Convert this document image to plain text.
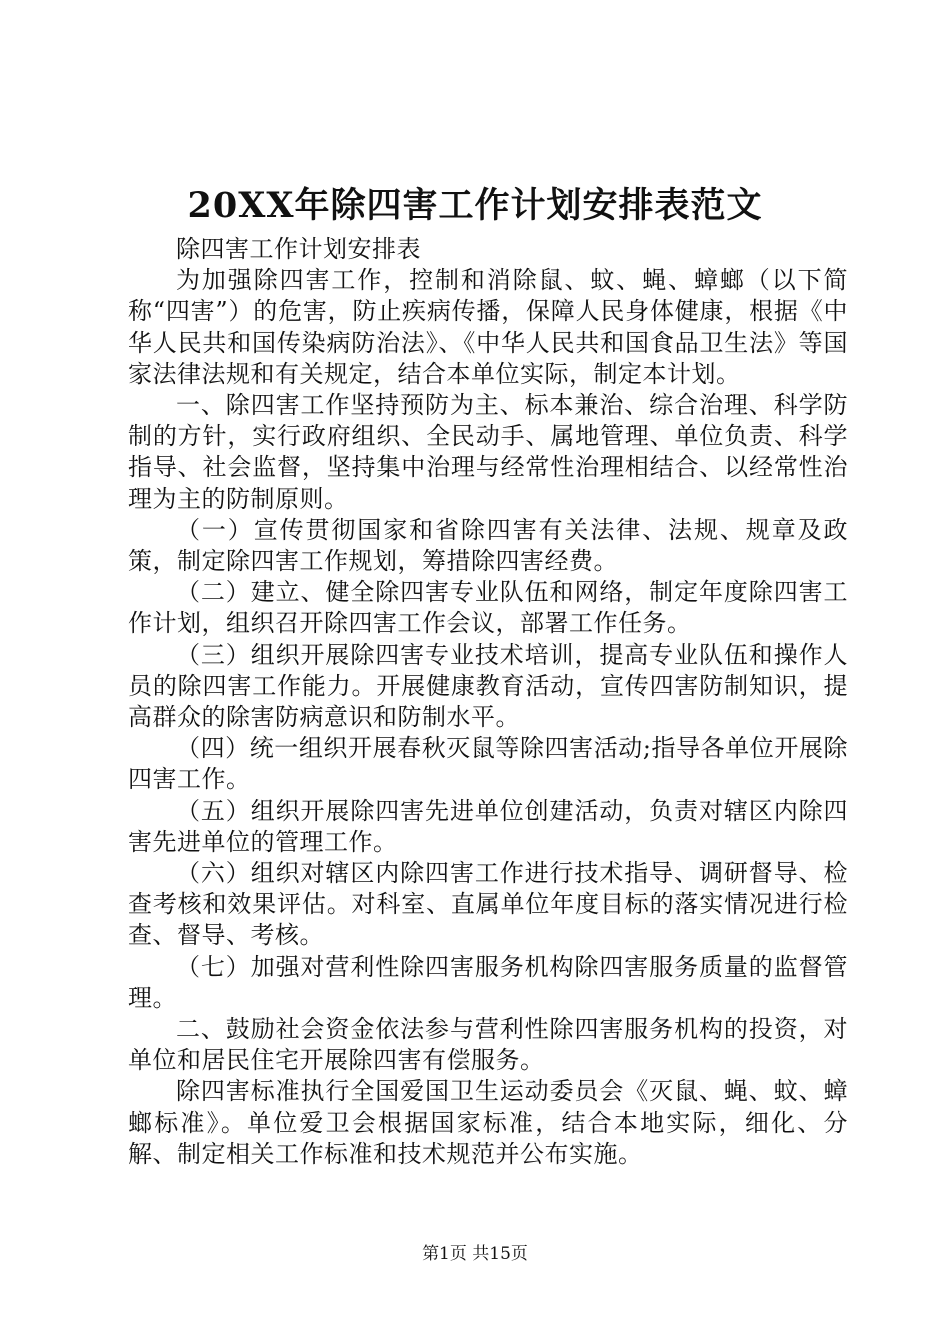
20XX年除四害工作计划安排表范文

除四害工作计划安排表

为加强除四害工作，控制和消除鼠、蚊、蝇、蟑螂（以下简称“四害”）的危害，防止疾病传播，保障人民身体健康，根据《中华人民共和国传染病防治法》、《中华人民共和国食品卫生法》等国家法律法规和有关规定，结合本单位实际，制定本计划。

一、除四害工作坚持预防为主、标本兼治、综合治理、科学防制的方针，实行政府组织、全民动手、属地管理、单位负责、科学指导、社会监督，坚持集中治理与经常性治理相结合、以经常性治理为主的防制原则。

（一）宣传贯彻国家和省除四害有关法律、法规、规章及政策，制定除四害工作规划，筹措除四害经费。

（二）建立、健全除四害专业队伍和网络，制定年度除四害工作计划，组织召开除四害工作会议，部署工作任务。

（三）组织开展除四害专业技术培训，提高专业队伍和操作人员的除四害工作能力。开展健康教育活动，宣传四害防制知识，提高群众的除害防病意识和防制水平。

（四）统一组织开展春秋灭鼠等除四害活动;指导各单位开展除四害工作。

（五）组织开展除四害先进单位创建活动，负责对辖区内除四害先进单位的管理工作。

（六）组织对辖区内除四害工作进行技术指导、调研督导、检查考核和效果评估。对科室、直属单位年度目标的落实情况进行检查、督导、考核。

（七）加强对营利性除四害服务机构除四害服务质量的监督管理。

二、鼓励社会资金依法参与营利性除四害服务机构的投资，对单位和居民住宅开展除四害有偿服务。

除四害标准执行全国爱国卫生运动委员会《灭鼠、蝇、蚊、蟑螂标准》。单位爱卫会根据国家标准，结合本地实际，细化、分解、制定相关工作标准和技术规范并公布实施。

第1页 共15页
